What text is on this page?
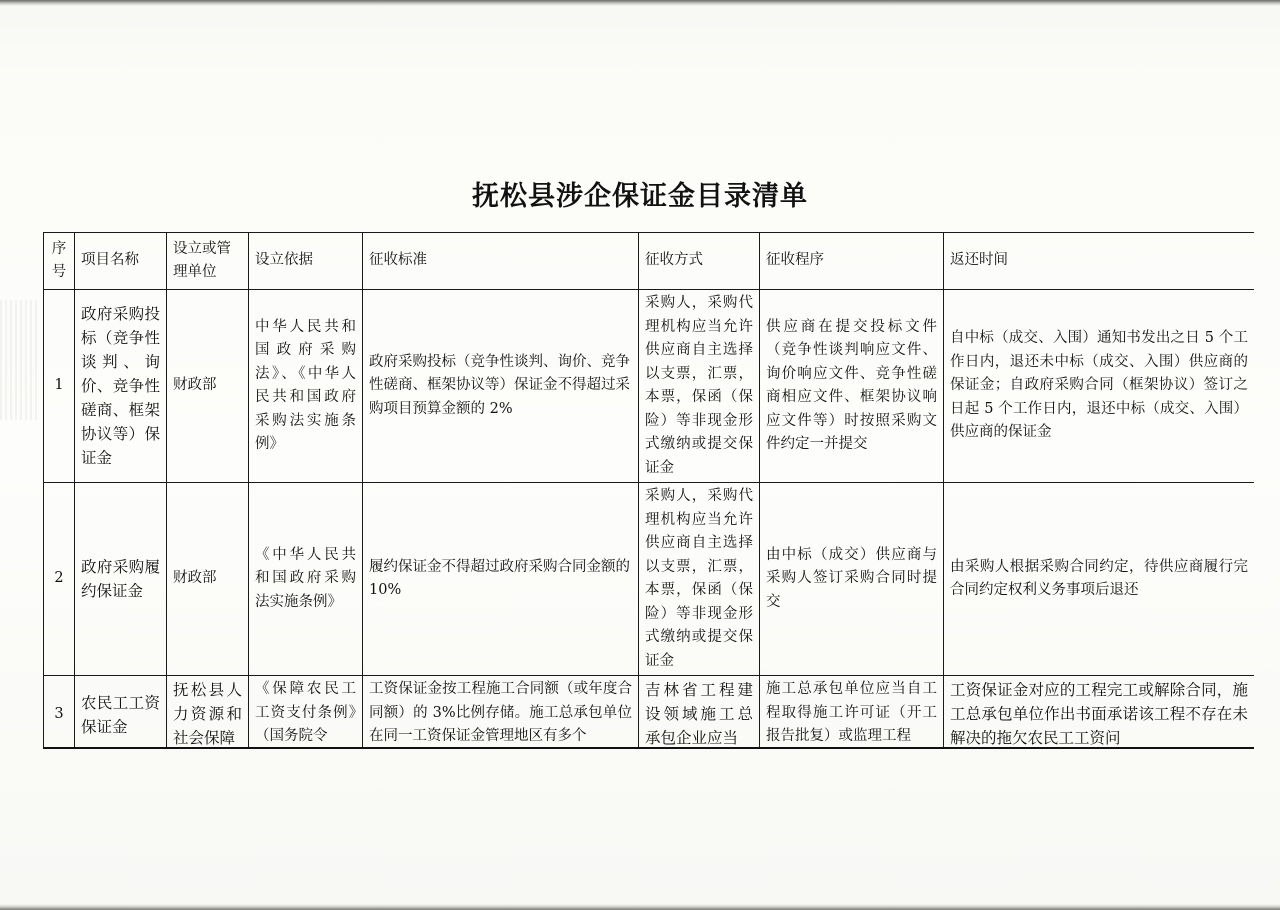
抚松县涉企保证金目录清单
序号	项目名称	设立或管理单位	设立依据	征收标准	征收方式	征收程序	返还时间
1	政府采购投标（竞争性谈判、询价、竞争性磋商、框架协议等）保证金	财政部	中华人民共和国政府采购法》、《中华人民共和国政府采购法实施条例》	政府采购投标（竞争性谈判、询价、竞争性磋商、框架协议等）保证金不得超过采购项目预算金额的 2%	采购人，采购代理机构应当允许供应商自主选择以支票，汇票，本票，保函（保险）等非现金形式缴纳或提交保证金	供应商在提交投标文件（竞争性谈判响应文件、询价响应文件、竞争性磋商相应文件、框架协议响应文件等）时按照采购文件约定一并提交	自中标（成交、入围）通知书发出之日 5 个工作日内，退还未中标（成交、入围）供应商的保证金；自政府采购合同（框架协议）签订之日起 5 个工作日内，退还中标（成交、入围）供应商的保证金
2	政府采购履约保证金	财政部	《中华人民共和国政府采购法实施条例》	履约保证金不得超过政府采购合同金额的 10%	采购人，采购代理机构应当允许供应商自主选择以支票，汇票，本票，保函（保险）等非现金形式缴纳或提交保证金	由中标（成交）供应商与采购人签订采购合同时提交	由采购人根据采购合同约定，待供应商履行完合同约定权利义务事项后退还
3	农民工工资保证金	抚松县人力资源和社会保障	《保障农民工工资支付条例》（国务院令	工资保证金按工程施工合同额（或年度合同额）的 3%比例存储。施工总承包单位在同一工资保证金管理地区有多个	吉林省工程建设领域施工总承包企业应当	施工总承包单位应当自工程取得施工许可证（开工报告批复）或监理工程	工资保证金对应的工程完工或解除合同，施工总承包单位作出书面承诺该工程不存在未解决的拖欠农民工工资问
